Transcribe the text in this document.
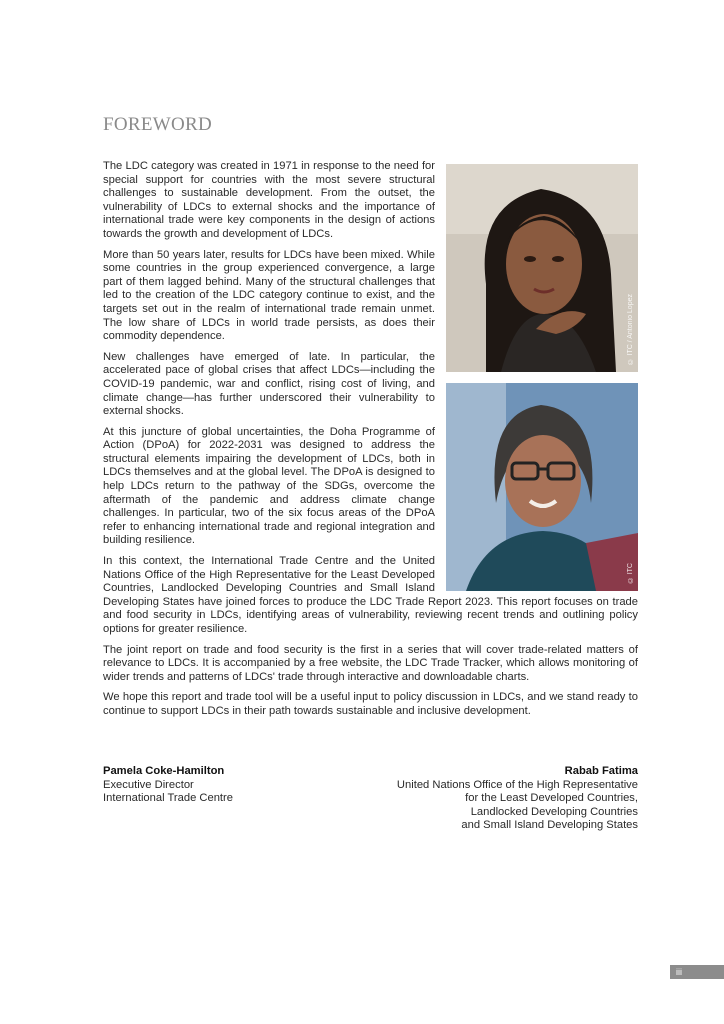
FOREWORD
© ITC / Antonio Lopez
© ITC

The LDC category was created in 1971 in response to the need for special support for countries with the most severe structural challenges to sustainable development. From the outset, the vulnerability of LDCs to external shocks and the importance of international trade were key components in the design of actions towards the growth and development of LDCs.

More than 50 years later, results for LDCs have been mixed. While some countries in the group experienced convergence, a large part of them lagged behind. Many of the structural challenges that led to the creation of the LDC category continue to exist, and the targets set out in the realm of international trade remain unmet. The low share of LDCs in world trade persists, as does their commodity dependence.

New challenges have emerged of late. In particular, the accelerated pace of global crises that affect LDCs—including the COVID-19 pandemic, war and conflict, rising cost of living, and climate change—has further underscored their vulnerability to external shocks.

At this juncture of global uncertainties, the Doha Programme of Action (DPoA) for 2022-2031 was designed to address the structural elements impairing the development of LDCs, both in LDCs themselves and at the global level. The DPoA is designed to help LDCs return to the pathway of the SDGs, overcome the aftermath of the pandemic and address climate change challenges. In particular, two of the six focus areas of the DPoA refer to enhancing international trade and regional integration and building resilience.

In this context, the International Trade Centre and the United Nations Office of the High Representative for the Least Developed Countries, Landlocked Developing Countries and Small Island Developing States have joined forces to produce the LDC Trade Report 2023. This report focuses on trade and food security in LDCs, identifying areas of vulnerability, reviewing recent trends and outlining policy options for greater resilience.

The joint report on trade and food security is the first in a series that will cover trade-related matters of relevance to LDCs. It is accompanied by a free website, the LDC Trade Tracker, which allows monitoring of wider trends and patterns of LDCs' trade through interactive and downloadable charts.

We hope this report and trade tool will be a useful input to policy discussion in LDCs, and we stand ready to continue to support LDCs in their path towards sustainable and inclusive development.

Pamela Coke-Hamilton
Executive Director
International Trade Centre
Rabab Fatima
United Nations Office of the High Representative
for the Least Developed Countries,
Landlocked Developing Countries
and Small Island Developing States
iii
